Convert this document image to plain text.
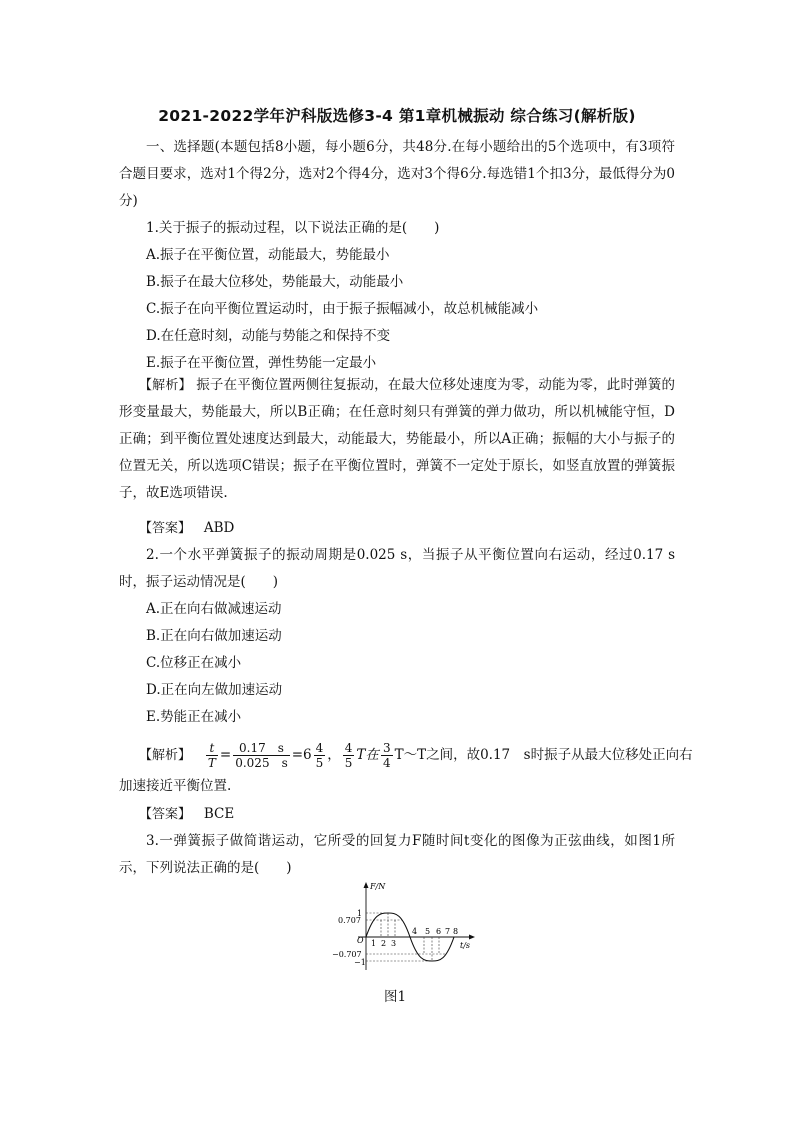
2021-2022学年沪科版选修3-4 第1章机械振动 综合练习(解析版)
一、选择题(本题包括8小题，每小题6分，共48分.在每小题给出的5个选项中，有3项符合题目要求，选对1个得2分，选对2个得4分，选对3个得6分.每选错1个扣3分，最低得分为0分)
1.关于振子的振动过程，以下说法正确的是(　　)
A.振子在平衡位置，动能最大，势能最小
B.振子在最大位移处，势能最大，动能最小
C.振子在向平衡位置运动时，由于振子振幅减小，故总机械能减小
D.在任意时刻，动能与势能之和保持不变
E.振子在平衡位置，弹性势能一定最小
【解析】 振子在平衡位置两侧往复振动，在最大位移处速度为零，动能为零，此时弹簧的形变量最大，势能最大，所以B正确；在任意时刻只有弹簧的弹力做功，所以机械能守恒，D正确；到平衡位置处速度达到最大，动能最大，势能最小，所以A正确；振幅的大小与振子的位置无关，所以选项C错误；振子在平衡位置时，弹簧不一定处于原长，如竖直放置的弹簧振子，故E选项错误.
【答案】 ABD
2.一个水平弹簧振子的振动周期是0.025 s，当振子从平衡位置向右运动，经过0.17 s时，振子运动情况是(　　)
A.正在向右做减速运动
B.正在向右做加速运动
C.位移正在减小
D.正在向左做加速运动
E.势能正在减小
【解析】 $\frac{t}{T} = \frac{0.17 s}{0.025 s} =6 \frac{4}{5}$ ， $\frac{4}{5}$ T在 $\frac{3}{4}$ T～T之间，故0.17　s时振子从最大位移处正向右
加速接近平衡位置.
【答案】 BCE
3.一弹簧振子做简谐运动，它所受的回复力F随时间t变化的图像为正弦曲线，如图1所示，下列说法正确的是(　　)
F/N
t/s
O
1
0.707
−0.707
−1
1 2 3
4 5 6 7 8
图1
